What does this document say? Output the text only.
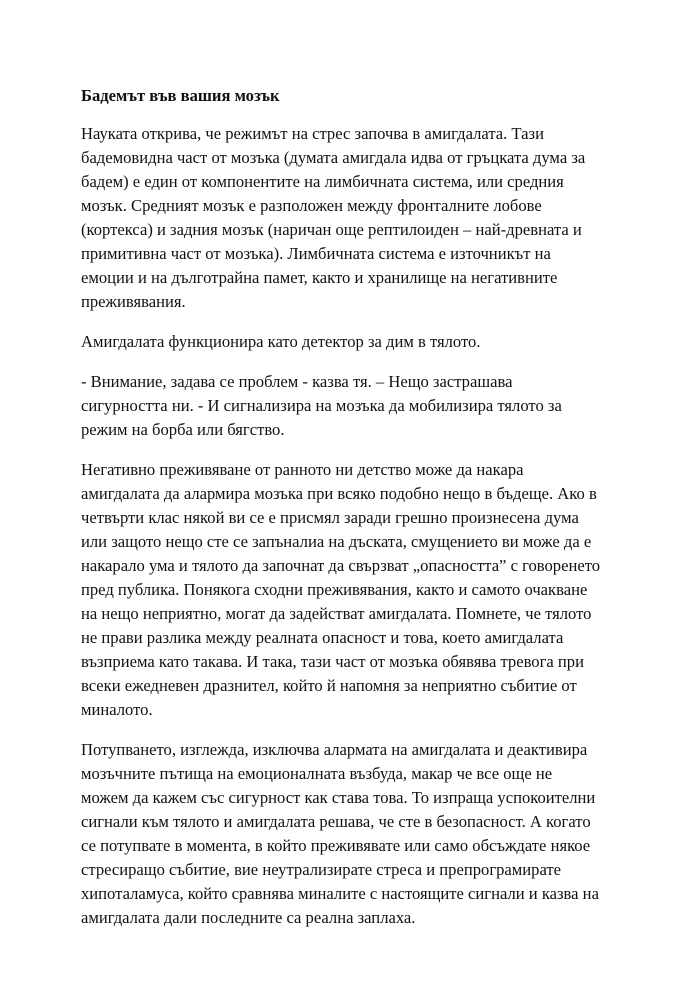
Бадемът във вашия мозък
Науката открива, че режимът на стрес започва в амигдалата. Тази
бадемовидна част от мозъка (думата амигдала идва от гръцката дума за
бадем) е един от компонентите на лимбичната система, или средния
мозък. Средният мозък е разположен между фронталните лобове
(кортекса) и задния мозък (наричан още рептилоиден – най-древната и
примитивна част от мозъка). Лимбичната система е източникът на
емоции и на дълготрайна памет, както и хранилище на негативните
преживявания.
Амигдалата функционира като детектор за дим в тялото.
- Внимание, задава се проблем - казва тя. – Нещо застрашава
сигурността ни. - И сигнализира на мозъка да мобилизира тялото за
режим на борба или бягство.
Негативно преживяване от ранното ни детство може да накара
амигдалата да алармира мозъка при всяко подобно нещо в бъдеще. Ако в
четвърти клас някой ви се е присмял заради грешно произнесена дума
или защото нещо сте се запъналиа на дъската, смущението ви може да е
накарало ума и тялото да започнат да свързват „опасността” с говоренето
пред публика. Понякога сходни преживявания, както и самото очакване
на нещо неприятно, могат да задействат амигдалата. Помнете, че тялото
не прави разлика между реалната опасност и това, което амигдалата
възприема като такава. И така, тази част от мозъка обявява тревога при
всеки ежедневен дразнител, който й напомня за неприятно събитие от
миналото.
Потупването, изглежда, изключва алармата на амигдалата и деактивира
мозъчните пътища на емоционалната възбуда, макар че все още не
можем да кажем със сигурност как става това. То изпраща успокоителни
сигнали към тялото и амигдалата решава, че сте в безопасност. А когато
се потупвате в момента, в който преживявате или само обсъждате някое
стресиращо събитие, вие неутрализирате стреса и препрограмирате
хипоталамуса, който сравнява миналите с настоящите сигнали и казва на
амигдалата дали последните са реална заплаха.
